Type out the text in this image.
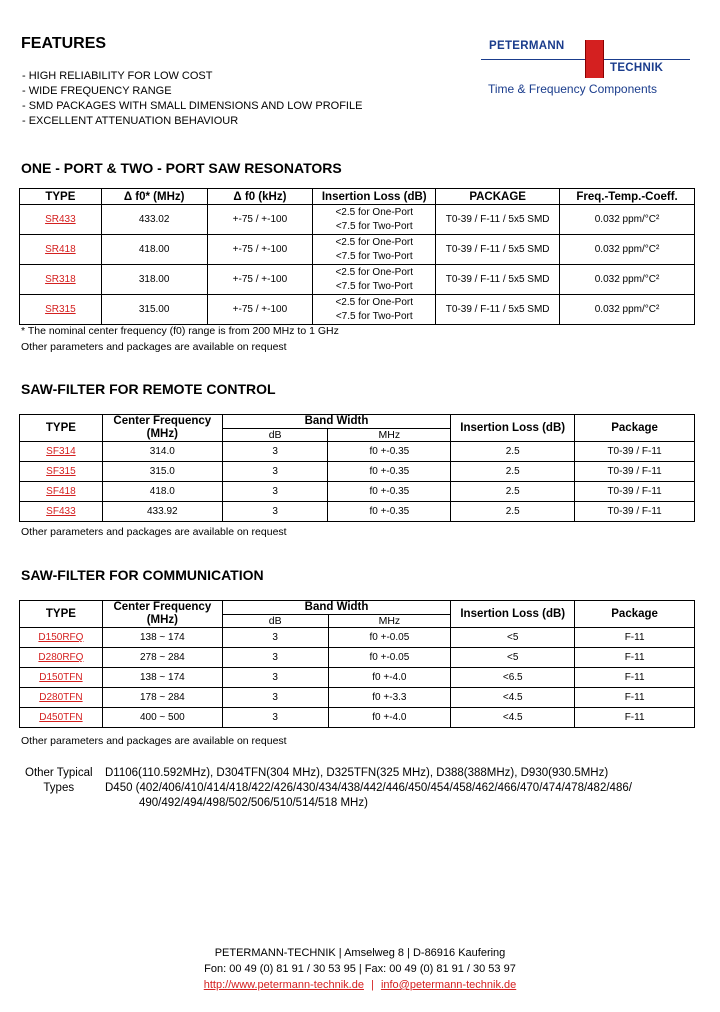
FEATURES
- HIGH RELIABILITY FOR LOW COST
- WIDE FREQUENCY RANGE
- SMD PACKAGES WITH SMALL DIMENSIONS AND LOW PROFILE
- EXCELLENT ATTENUATION BEHAVIOUR
PETERMANN
TECHNIK
Time & Frequency Components
ONE - PORT & TWO - PORT SAW RESONATORS
TYPE	Δ f0* (MHz)	Δ f0 (kHz)	Insertion Loss (dB)	PACKAGE	Freq.-Temp.-Coeff.
SR433	433.02	+-75 / +-100	<2.5 for One-Port
<7.5 for Two-Port	T0-39 / F-11 / 5x5 SMD	0.032 ppm/°C²
SR418	418.00	+-75 / +-100	<2.5 for One-Port
<7.5 for Two-Port	T0-39 / F-11 / 5x5 SMD	0.032 ppm/°C²
SR318	318.00	+-75 / +-100	<2.5 for One-Port
<7.5 for Two-Port	T0-39 / F-11 / 5x5 SMD	0.032 ppm/°C²
SR315	315.00	+-75 / +-100	<2.5 for One-Port
<7.5 for Two-Port	T0-39 / F-11 / 5x5 SMD	0.032 ppm/°C²

* The nominal center frequency (f0) range is from 200 MHz to 1 GHz

Other parameters and packages are available on request

SAW-FILTER FOR REMOTE CONTROL
TYPE	Center Frequency
(MHz)	Band Width		Insertion Loss (dB)	Package
		dB	MHz		
SF314	314.0	3	f0 +-0.35	2.5	T0-39 / F-11
SF315	315.0	3	f0 +-0.35	2.5	T0-39 / F-11
SF418	418.0	3	f0 +-0.35	2.5	T0-39 / F-11
SF433	433.92	3	f0 +-0.35	2.5	T0-39 / F-11

Other parameters and packages are available on request

SAW-FILTER FOR COMMUNICATION
TYPE	Center Frequency
(MHz)	Band Width		Insertion Loss (dB)	Package
		dB	MHz		
D150RFQ	138 ~ 174	3	f0 +-0.05	<5	F-11
D280RFQ	278 ~ 284	3	f0 +-0.05	<5	F-11
D150TFN	138 ~ 174	3	f0 +-4.0	<6.5	F-11
D280TFN	178 ~ 284	3	f0 +-3.3	<4.5	F-11
D450TFN	400 ~ 500	3	f0 +-4.0	<4.5	F-11

Other parameters and packages are available on request

Other Typical
Types
D1106(110.592MHz), D304TFN(304 MHz), D325TFN(325 MHz), D388(388MHz), D930(930.5MHz)
D450 (402/406/410/414/418/422/426/430/434/438/442/446/450/454/458/462/466/470/474/478/482/486/
490/492/494/498/502/506/510/514/518 MHz)
PETERMANN-TECHNIK | Amselweg 8 | D-86916 Kaufering
Fon: 00 49 (0) 81 91 / 30 53 95 | Fax: 00 49 (0) 81 91 / 30 53 97
http://www.petermann-technik.de | info@petermann-technik.de
